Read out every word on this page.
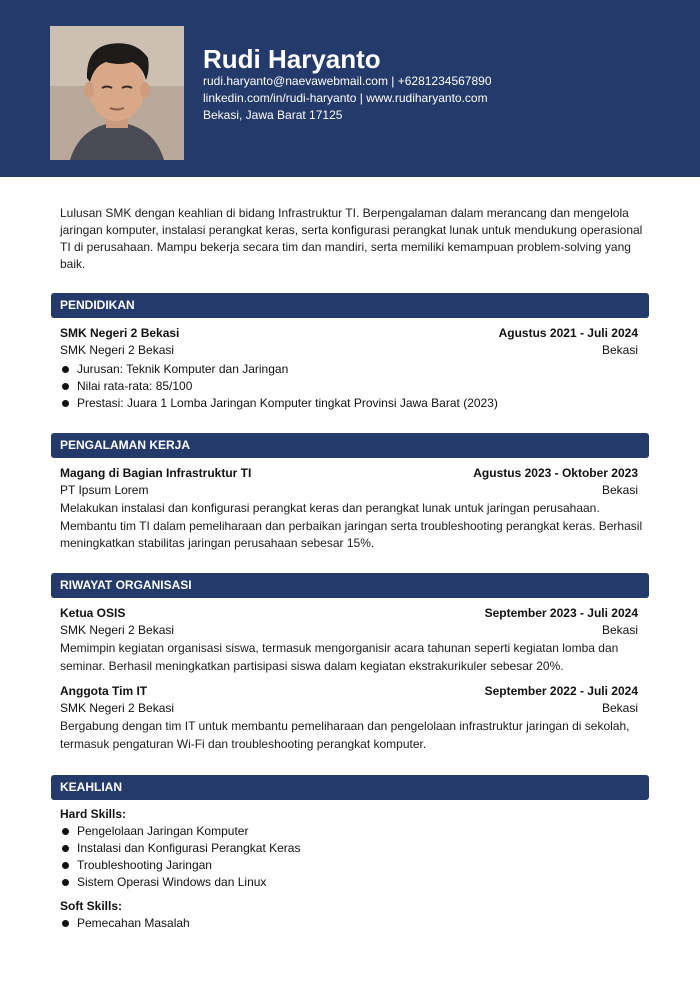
Rudi Haryanto
rudi.haryanto@naevawebmail.com | +6281234567890
linkedin.com/in/rudi-haryanto | www.rudiharyanto.com
Bekasi, Jawa Barat 17125
Lulusan SMK dengan keahlian di bidang Infrastruktur TI. Berpengalaman dalam merancang dan mengelola jaringan komputer, instalasi perangkat keras, serta konfigurasi perangkat lunak untuk mendukung operasional TI di perusahaan. Mampu bekerja secara tim dan mandiri, serta memiliki kemampuan problem-solving yang baik.
PENDIDIKAN
SMK Negeri 2 Bekasi	Agustus 2021 - Juli 2024
SMK Negeri 2 Bekasi	Bekasi
Jurusan: Teknik Komputer dan Jaringan
Nilai rata-rata: 85/100
Prestasi: Juara 1 Lomba Jaringan Komputer tingkat Provinsi Jawa Barat (2023)
PENGALAMAN KERJA
Magang di Bagian Infrastruktur TI	Agustus 2023 - Oktober 2023
PT Ipsum Lorem	Bekasi
Melakukan instalasi dan konfigurasi perangkat keras dan perangkat lunak untuk jaringan perusahaan. Membantu tim TI dalam pemeliharaan dan perbaikan jaringan serta troubleshooting perangkat keras. Berhasil meningkatkan stabilitas jaringan perusahaan sebesar 15%.
RIWAYAT ORGANISASI
Ketua OSIS	September 2023 - Juli 2024
SMK Negeri 2 Bekasi	Bekasi
Memimpin kegiatan organisasi siswa, termasuk mengorganisir acara tahunan seperti kegiatan lomba dan seminar. Berhasil meningkatkan partisipasi siswa dalam kegiatan ekstrakurikuler sebesar 20%.
Anggota Tim IT	September 2022 - Juli 2024
SMK Negeri 2 Bekasi	Bekasi
Bergabung dengan tim IT untuk membantu pemeliharaan dan pengelolaan infrastruktur jaringan di sekolah, termasuk pengaturan Wi-Fi dan troubleshooting perangkat komputer.
KEAHLIAN
Hard Skills:
Pengelolaan Jaringan Komputer
Instalasi dan Konfigurasi Perangkat Keras
Troubleshooting Jaringan
Sistem Operasi Windows dan Linux
Soft Skills:
Pemecahan Masalah
